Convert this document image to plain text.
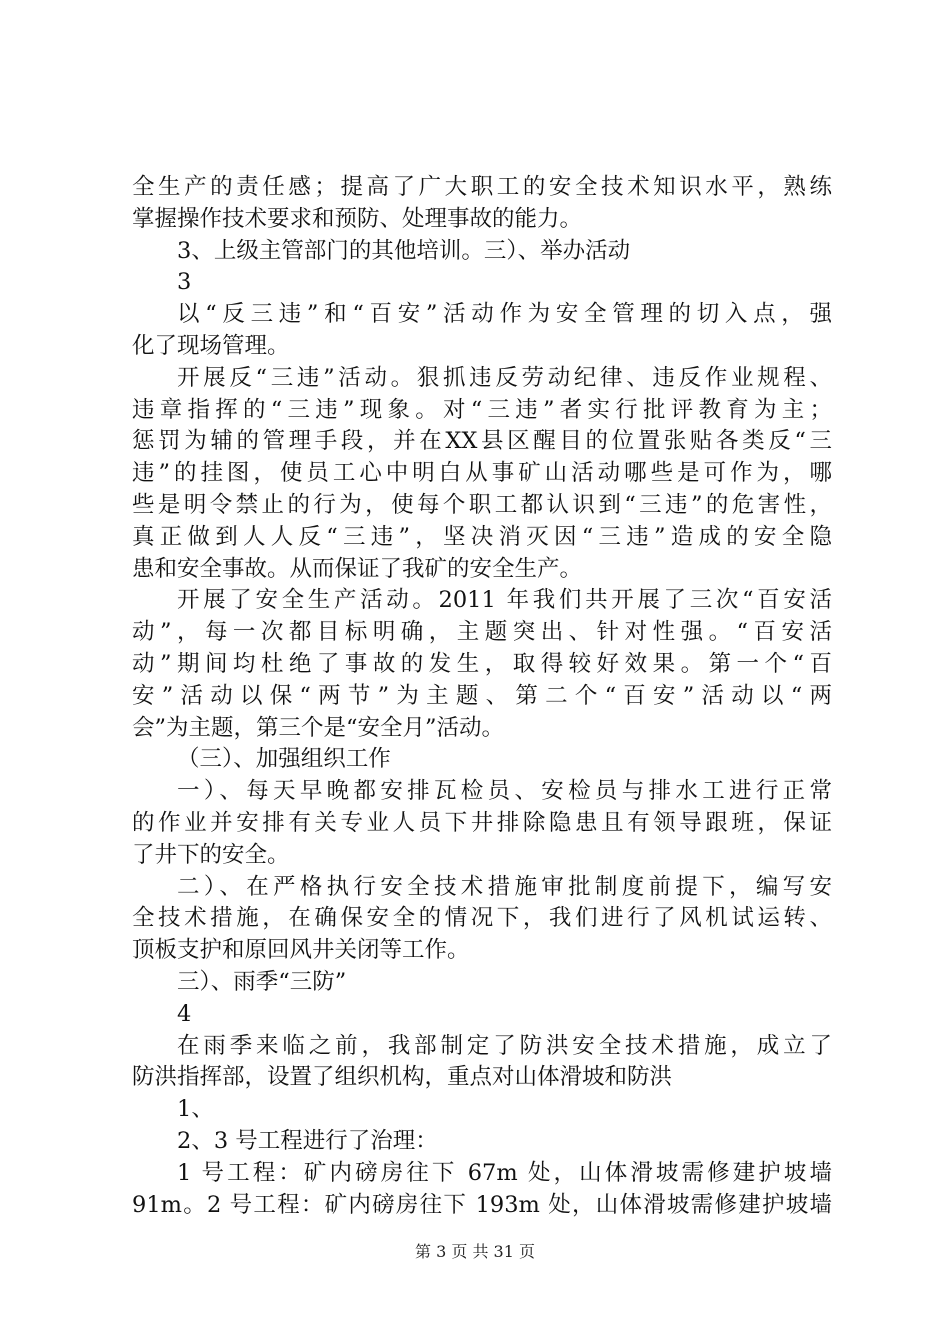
全生产的责任感；提高了广大职工的安全技术知识水平，熟练
掌握操作技术要求和预防、处理事故的能力。
3、上级主管部门的其他培训。三）、举办活动
3
以“反三违”和“百安”活动作为安全管理的切入点，强
化了现场管理。
开展反“三违”活动。狠抓违反劳动纪律、违反作业规程、
违章指挥的“三违”现象。对“三违”者实行批评教育为主；
惩罚为辅的管理手段，并在XX县区醒目的位置张贴各类反“三
违”的挂图，使员工心中明白从事矿山活动哪些是可作为，哪
些是明令禁止的行为，使每个职工都认识到“三违”的危害性，
真正做到人人反“三违”，坚决消灭因“三违”造成的安全隐
患和安全事故。从而保证了我矿的安全生产。
开展了安全生产活动。2011 年我们共开展了三次“百安活
动”，每一次都目标明确，主题突出、针对性强。“百安活
动”期间均杜绝了事故的发生，取得较好效果。第一个“百
安”活动以保“两节”为主题、第二个“百安”活动以“两
会”为主题，第三个是“安全月”活动。
（三）、加强组织工作
一）、每天早晚都安排瓦检员、安检员与排水工进行正常
的作业并安排有关专业人员下井排除隐患且有领导跟班，保证
了井下的安全。
二）、在严格执行安全技术措施审批制度前提下，编写安
全技术措施，在确保安全的情况下，我们进行了风机试运转、
顶板支护和原回风井关闭等工作。
三）、雨季“三防”
4
在雨季来临之前，我部制定了防洪安全技术措施，成立了
防洪指挥部，设置了组织机构，重点对山体滑坡和防洪
1、
2、3 号工程进行了治理：
1 号工程：矿内磅房往下 67m 处，山体滑坡需修建护坡墙
91m。2 号工程：矿内磅房往下 193m 处，山体滑坡需修建护坡墙
第 3 页 共 31 页
